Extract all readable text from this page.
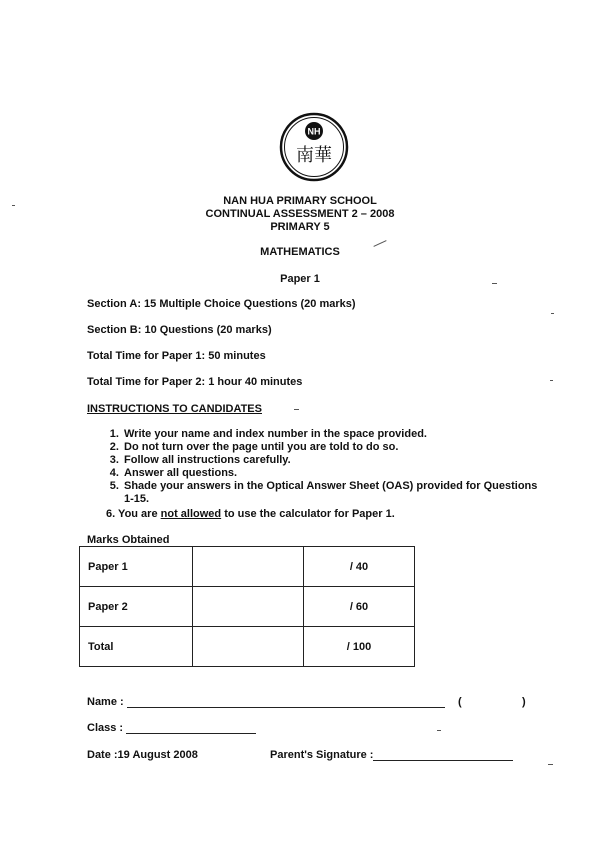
NH
南華
NAN HUA PRIMARY SCHOOL
CONTINUAL ASSESSMENT 2 – 2008
PRIMARY 5
MATHEMATICS
Paper 1
Section A: 15 Multiple Choice Questions (20 marks)
Section B: 10 Questions (20 marks)
Total Time for Paper 1: 50 minutes
Total Time for Paper 2: 1 hour 40 minutes
INSTRUCTIONS TO CANDIDATES
1. Write your name and index number in the space provided.
2. Do not turn over the page until you are told to do so.
3. Follow all instructions carefully.
4. Answer all questions.
5. Shade your answers in the Optical Answer Sheet (OAS) provided for Questions 1-15.
6. You are not allowed to use the calculator for Paper 1.
Marks Obtained
Paper 1		/ 40
Paper 2		/ 60
Total		/ 100
Name :	(	)
Class :
Date :19 August 2008	Parent's Signature :
